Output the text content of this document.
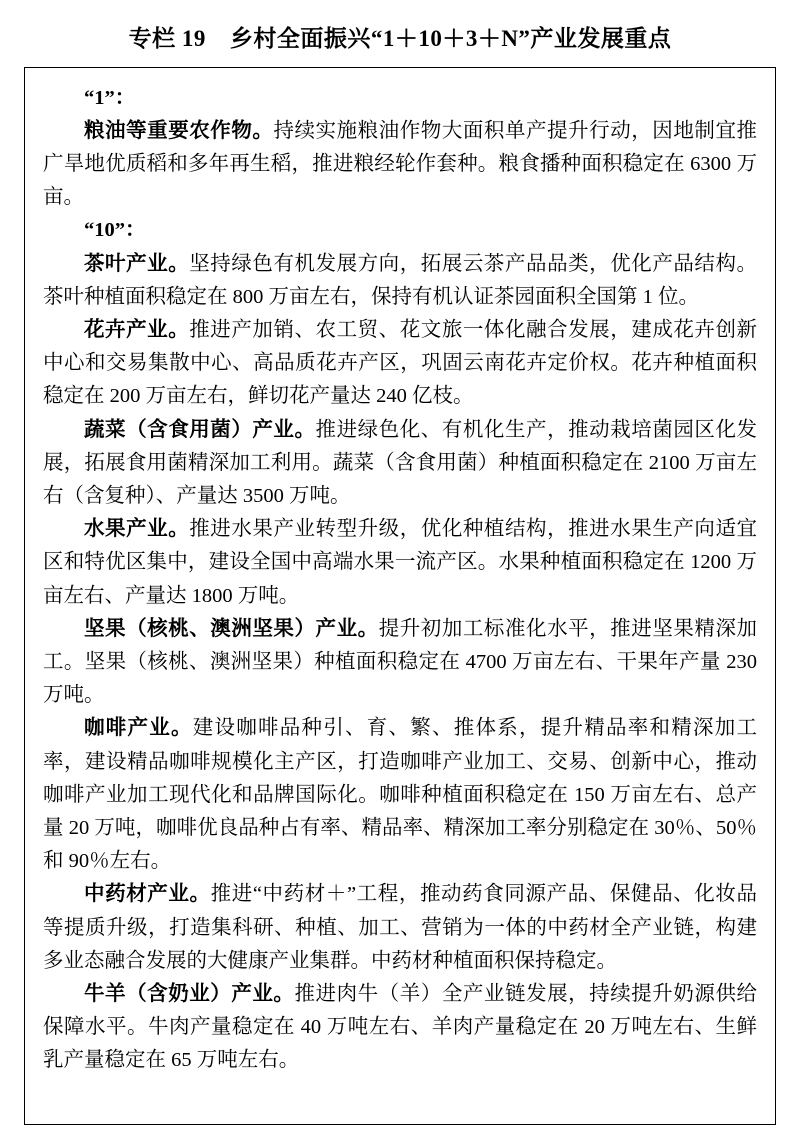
专栏 19 乡村全面振兴“1＋10＋3＋N”产业发展重点

“1”：

粮油等重要农作物。持续实施粮油作物大面积单产提升行动，因地制宜推广旱地优质稻和多年再生稻，推进粮经轮作套种。粮食播种面积稳定在 6300 万亩。

“10”：

茶叶产业。坚持绿色有机发展方向，拓展云茶产品品类，优化产品结构。茶叶种植面积稳定在 800 万亩左右，保持有机认证茶园面积全国第 1 位。

花卉产业。推进产加销、农工贸、花文旅一体化融合发展，建成花卉创新中心和交易集散中心、高品质花卉产区，巩固云南花卉定价权。花卉种植面积稳定在 200 万亩左右，鲜切花产量达 240 亿枝。

蔬菜（含食用菌）产业。推进绿色化、有机化生产，推动栽培菌园区化发展，拓展食用菌精深加工利用。蔬菜（含食用菌）种植面积稳定在 2100 万亩左右（含复种）、产量达 3500 万吨。

水果产业。推进水果产业转型升级，优化种植结构，推进水果生产向适宜区和特优区集中，建设全国中高端水果一流产区。水果种植面积稳定在 1200 万亩左右、产量达 1800 万吨。

坚果（核桃、澳洲坚果）产业。提升初加工标准化水平，推进坚果精深加工。坚果（核桃、澳洲坚果）种植面积稳定在 4700 万亩左右、干果年产量 230 万吨。

咖啡产业。建设咖啡品种引、育、繁、推体系，提升精品率和精深加工率，建设精品咖啡规模化主产区，打造咖啡产业加工、交易、创新中心，推动咖啡产业加工现代化和品牌国际化。咖啡种植面积稳定在 150 万亩左右、总产量 20 万吨，咖啡优良品种占有率、精品率、精深加工率分别稳定在 30％、50％和 90％左右。

中药材产业。推进“中药材＋”工程，推动药食同源产品、保健品、化妆品等提质升级，打造集科研、种植、加工、营销为一体的中药材全产业链，构建多业态融合发展的大健康产业集群。中药材种植面积保持稳定。

牛羊（含奶业）产业。推进肉牛（羊）全产业链发展，持续提升奶源供给保障水平。牛肉产量稳定在 40 万吨左右、羊肉产量稳定在 20 万吨左右、生鲜乳产量稳定在 65 万吨左右。
